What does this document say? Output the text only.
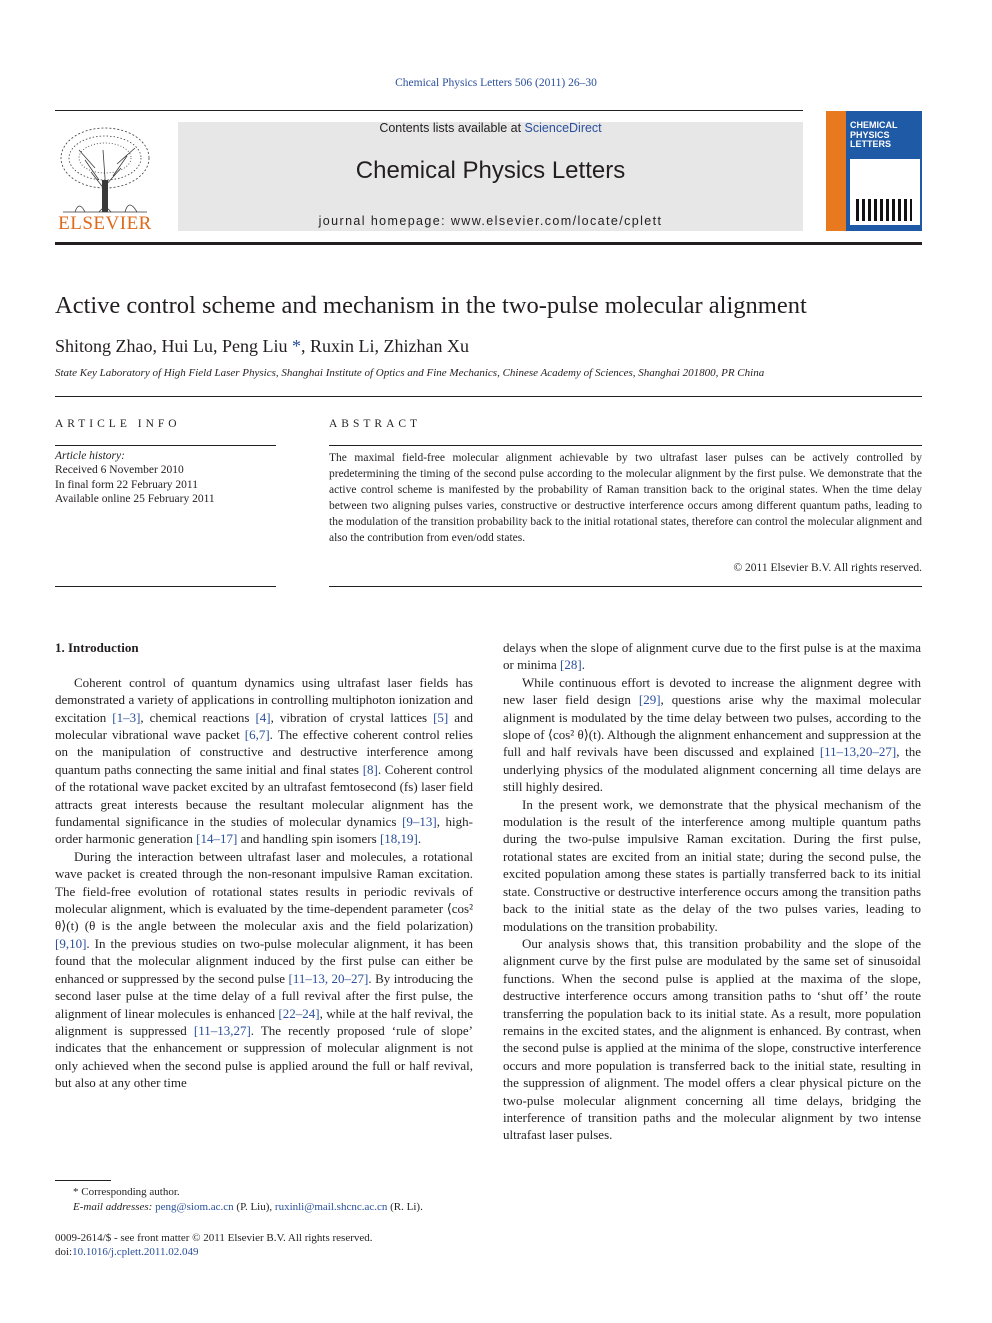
Chemical Physics Letters 506 (2011) 26–30
ELSEVIER
Contents lists available at ScienceDirect
Chemical Physics Letters
journal homepage: www.elsevier.com/locate/cplett
CHEMICAL
PHYSICS
LETTERS
Active control scheme and mechanism in the two-pulse molecular alignment
Shitong Zhao, Hui Lu, Peng Liu *, Ruxin Li, Zhizhan Xu
State Key Laboratory of High Field Laser Physics, Shanghai Institute of Optics and Fine Mechanics, Chinese Academy of Sciences, Shanghai 201800, PR China
ARTICLE INFO
Article history:
Received 6 November 2010
In final form 22 February 2011
Available online 25 February 2011
ABSTRACT
The maximal field-free molecular alignment achievable by two ultrafast laser pulses can be actively controlled by predetermining the timing of the second pulse according to the molecular alignment by the first pulse. We demonstrate that the active control scheme is manifested by the probability of Raman transition back to the original states. When the time delay between two aligning pulses varies, constructive or destructive interference occurs among different quantum paths, leading to the modulation of the transition probability back to the initial rotational states, therefore can control the molecular alignment and also the contribution from even/odd states.
© 2011 Elsevier B.V. All rights reserved.
1. Introduction

Coherent control of quantum dynamics using ultrafast laser fields has demonstrated a variety of applications in controlling multiphoton ionization and excitation [1–3], chemical reactions [4], vibration of crystal lattices [5] and molecular vibrational wave packet [6,7]. The effective coherent control relies on the manipulation of constructive and destructive interference among quantum paths connecting the same initial and final states [8]. Coherent control of the rotational wave packet excited by an ultrafast femtosecond (fs) laser field attracts great interests because the resultant molecular alignment has the fundamental significance in the studies of molecular dynamics [9–13], high-order harmonic generation [14–17] and handling spin isomers [18,19].

During the interaction between ultrafast laser and molecules, a rotational wave packet is created through the non-resonant impulsive Raman excitation. The field-free evolution of rotational states results in periodic revivals of molecular alignment, which is evaluated by the time-dependent parameter ⟨cos² θ⟩(t) (θ is the angle between the molecular axis and the field polarization) [9,10]. In the previous studies on two-pulse molecular alignment, it has been found that the molecular alignment induced by the first pulse can either be enhanced or suppressed by the second pulse [11–13, 20–27]. By introducing the second laser pulse at the time delay of a full revival after the first pulse, the alignment of linear molecules is enhanced [22–24], while at the half revival, the alignment is suppressed [11–13,27]. The recently proposed ‘rule of slope’ indicates that the enhancement or suppression of molecular alignment is not only achieved when the second pulse is applied around the full or half revival, but also at any other time

delays when the slope of alignment curve due to the first pulse is at the maxima or minima [28].

While continuous effort is devoted to increase the alignment degree with new laser field design [29], questions arise why the maximal molecular alignment is modulated by the time delay between two pulses, according to the slope of ⟨cos² θ⟩(t). Although the alignment enhancement and suppression at the full and half revivals have been discussed and explained [11–13,20–27], the underlying physics of the modulated alignment concerning all time delays are still highly desired.

In the present work, we demonstrate that the physical mechanism of the modulation is the result of the interference among multiple quantum paths during the two-pulse impulsive Raman excitation. During the first pulse, rotational states are excited from an initial state; during the second pulse, the excited population among these states is partially transferred back to its initial state. Constructive or destructive interference occurs among the transition paths back to the initial state as the delay of the two pulses varies, leading to modulations on the transition probability.

Our analysis shows that, this transition probability and the slope of the alignment curve by the first pulse are modulated by the same set of sinusoidal functions. When the second pulse is applied at the maxima of the slope, destructive interference occurs among transition paths to ‘shut off’ the route transferring the population back to its initial state. As a result, more population remains in the excited states, and the alignment is enhanced. By contrast, when the second pulse is applied at the minima of the slope, constructive interference occurs and more population is transferred back to the initial state, resulting in the suppression of alignment. The model offers a clear physical picture on the two-pulse molecular alignment concerning all time delays, bridging the interference of transition paths and the molecular alignment by two intense ultrafast laser pulses.

* Corresponding author.
E-mail addresses: peng@siom.ac.cn (P. Liu), ruxinli@mail.shcnc.ac.cn (R. Li).
0009-2614/$ - see front matter © 2011 Elsevier B.V. All rights reserved.
doi:10.1016/j.cplett.2011.02.049
